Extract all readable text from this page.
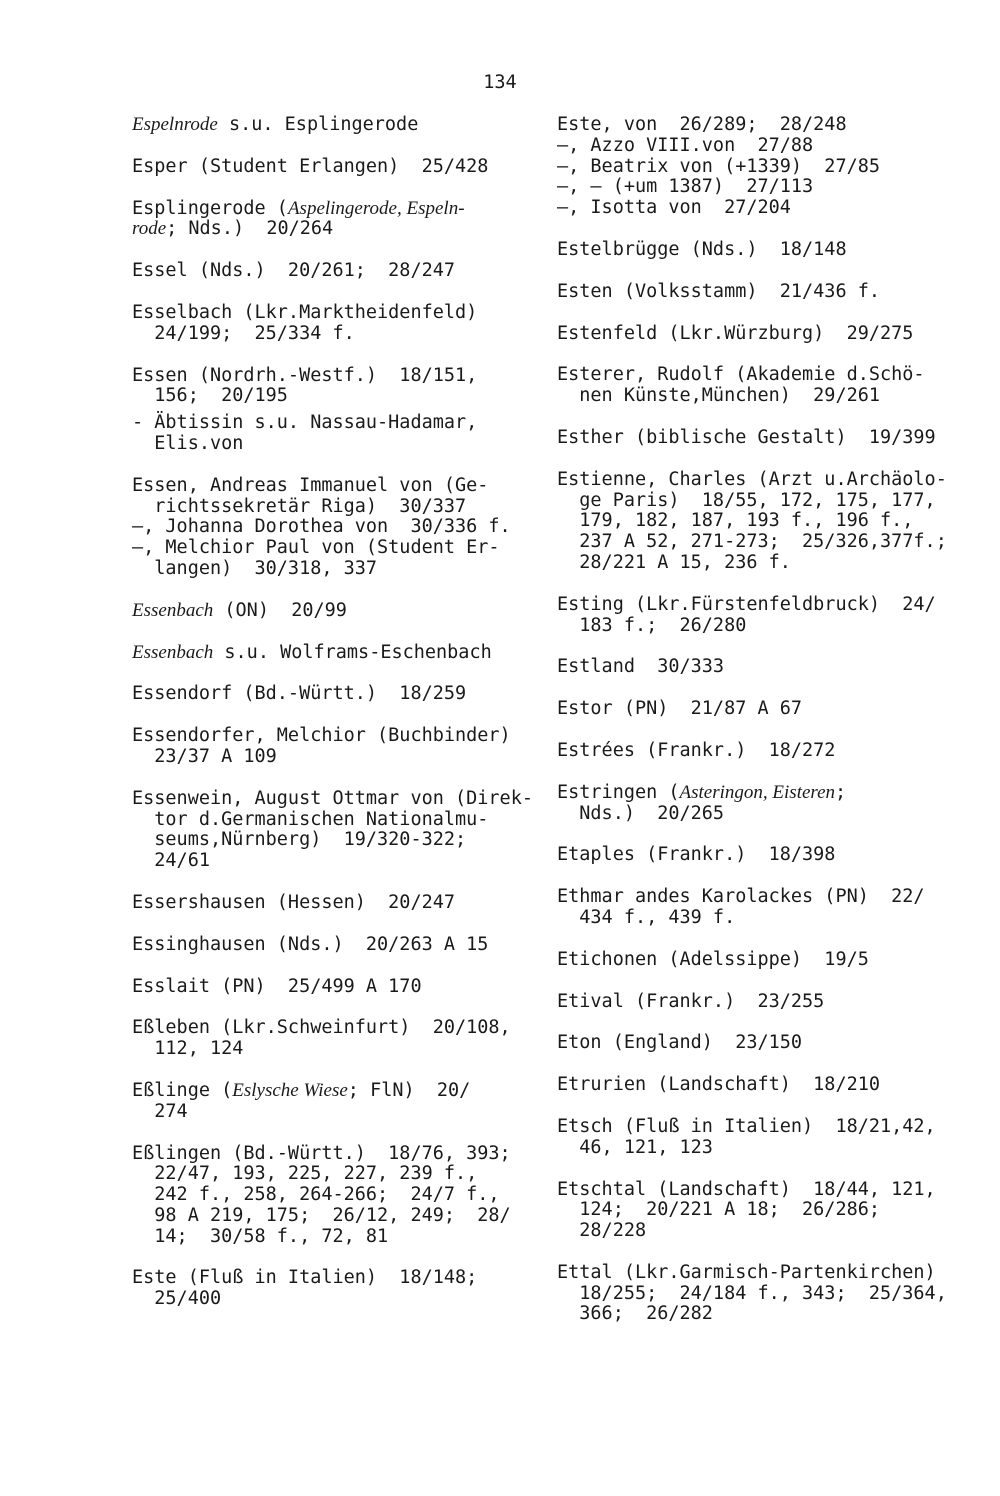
134
Espelnrode s.u. Esplingerode
Esper (Student Erlangen)  25/428
Esplingerode (Aspelingerode, Espeln-
rode; Nds.)  20/264
Essel (Nds.)  20/261;  28/247
Esselbach (Lkr.Marktheidenfeld)
24/199;  25/334 f.
Essen (Nordrh.-Westf.)  18/151,
156;  20/195
- Äbtissin s.u. Nassau-Hadamar,
Elis.von
Essen, Andreas Immanuel von (Ge-
richtssekretär Riga)  30/337
—, Johanna Dorothea von  30/336 f.
—, Melchior Paul von (Student Er-
langen)  30/318, 337
Essenbach (ON)  20/99
Essenbach s.u. Wolframs-Eschenbach
Essendorf (Bd.-Württ.)  18/259
Essendorfer, Melchior (Buchbinder)
23/37 A 109
Essenwein, August Ottmar von (Direk-
tor d.Germanischen Nationalmu-
seums,Nürnberg)  19/320-322;
24/61
Essershausen (Hessen)  20/247
Essinghausen (Nds.)  20/263 A 15
Esslait (PN)  25/499 A 170
Eßleben (Lkr.Schweinfurt)  20/108,
112, 124
Eßlinge (Eslysche Wiese; FlN)  20/
274
Eßlingen (Bd.-Württ.)  18/76, 393;
22/47, 193, 225, 227, 239 f.,
242 f., 258, 264-266;  24/7 f.,
98 A 219, 175;  26/12, 249;  28/
14;  30/58 f., 72, 81
Este (Fluß in Italien)  18/148;
25/400
Este, von  26/289;  28/248
—, Azzo VIII.von  27/88
—, Beatrix von (+1339)  27/85
—, — (+um 1387)  27/113
—, Isotta von  27/204
Estelbrügge (Nds.)  18/148
Esten (Volksstamm)  21/436 f.
Estenfeld (Lkr.Würzburg)  29/275
Esterer, Rudolf (Akademie d.Schö-
nen Künste,München)  29/261
Esther (biblische Gestalt)  19/399
Estienne, Charles (Arzt u.Archäolo-
ge Paris)  18/55, 172, 175, 177,
179, 182, 187, 193 f., 196 f.,
237 A 52, 271-273;  25/326,377f.;
28/221 A 15, 236 f.
Esting (Lkr.Fürstenfeldbruck)  24/
183 f.;  26/280
Estland  30/333
Estor (PN)  21/87 A 67
Estrées (Frankr.)  18/272
Estringen (Asteringon, Eisteren;
Nds.)  20/265
Etaples (Frankr.)  18/398
Ethmar andes Karolackes (PN)  22/
434 f., 439 f.
Etichonen (Adelssippe)  19/5
Etival (Frankr.)  23/255
Eton (England)  23/150
Etrurien (Landschaft)  18/210
Etsch (Fluß in Italien)  18/21,42,
46, 121, 123
Etschtal (Landschaft)  18/44, 121,
124;  20/221 A 18;  26/286;
28/228
Ettal (Lkr.Garmisch-Partenkirchen)
18/255;  24/184 f., 343;  25/364,
366;  26/282
